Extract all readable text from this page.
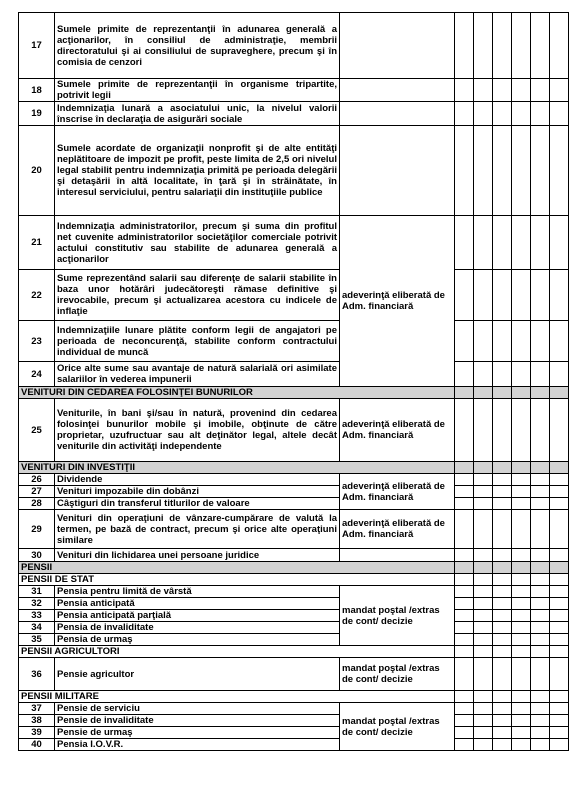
17	Sumele primite de reprezentanţii în adunarea generală a acţionarilor, în consiliul de administraţie, membrii directoratului şi ai consiliului de supraveghere, precum şi în comisia de cenzori							
18	Sumele primite de reprezentanţii în organisme tripartite, potrivit legii							
19	Indemnizaţia lunară a asociatului unic, la nivelul valorii înscrise în declaraţia de asigurări sociale							
20	Sumele acordate de organizaţii nonprofit şi de alte entităţi neplătitoare de impozit pe profit, peste limita de 2,5 ori nivelul legal stabilit pentru indemnizaţia primită pe perioada delegării şi detaşării în altă localitate, în ţară şi în străinătate, în interesul serviciului, pentru salariaţii din instituţiile publice							
21	Indemnizaţia administratorilor, precum şi suma din profitul net cuvenite administratorilor societăţilor comerciale potrivit actului constitutiv sau stabilite de adunarea generală a acţionarilor	adeverinţă eliberată de Adm. financiară						
22	Sume reprezentând salarii sau diferenţe de salarii stabilite în baza unor hotărâri judecătoreşti rămase definitive şi irevocabile, precum şi actualizarea acestora cu indicele de inflaţie							
23	Indemnizaţiile lunare plătite conform legii de angajatori pe perioada de neconcurenţă, stabilite conform contractului individual de muncă							
24	Orice alte sume sau avantaje de natură salarială ori asimilate salariilor în vederea impunerii							
VENITURI DIN CEDAREA FOLOSINŢEI BUNURILOR								
25	Veniturile, în bani şi/sau în natură, provenind din cedarea folosinţei bunurilor mobile şi imobile, obţinute de către proprietar, uzufructuar sau alt deţinător legal, altele decât veniturile din activităţi independente	adeverinţă eliberată de Adm. financiară						
VENITURI DIN INVESTIŢII								
26	Dividende	adeverinţă eliberată de Adm. financiară						
27	Venituri impozabile din dobânzi							
28	Câştiguri din transferul titlurilor de valoare							
29	Venituri din operaţiuni de vânzare-cumpărare de valută la termen, pe bază de contract, precum şi orice alte operaţiuni similare	adeverinţă eliberată de Adm. financiară						
30	Venituri din lichidarea unei persoane juridice							
PENSII								
PENSII DE STAT								
31	Pensia pentru limită de vârstă	mandat poştal /extras de cont/ decizie						
32	Pensia anticipată							
33	Pensia anticipată parţială							
34	Pensia de invaliditate							
35	Pensia de urmaş							
PENSII AGRICULTORI								
36	Pensie agricultor	mandat poştal /extras de cont/ decizie						
PENSII MILITARE								
37	Pensie de serviciu	mandat poştal /extras de cont/ decizie						
38	Pensie de invaliditate							
39	Pensie de urmaş							
40	Pensia I.O.V.R.							
